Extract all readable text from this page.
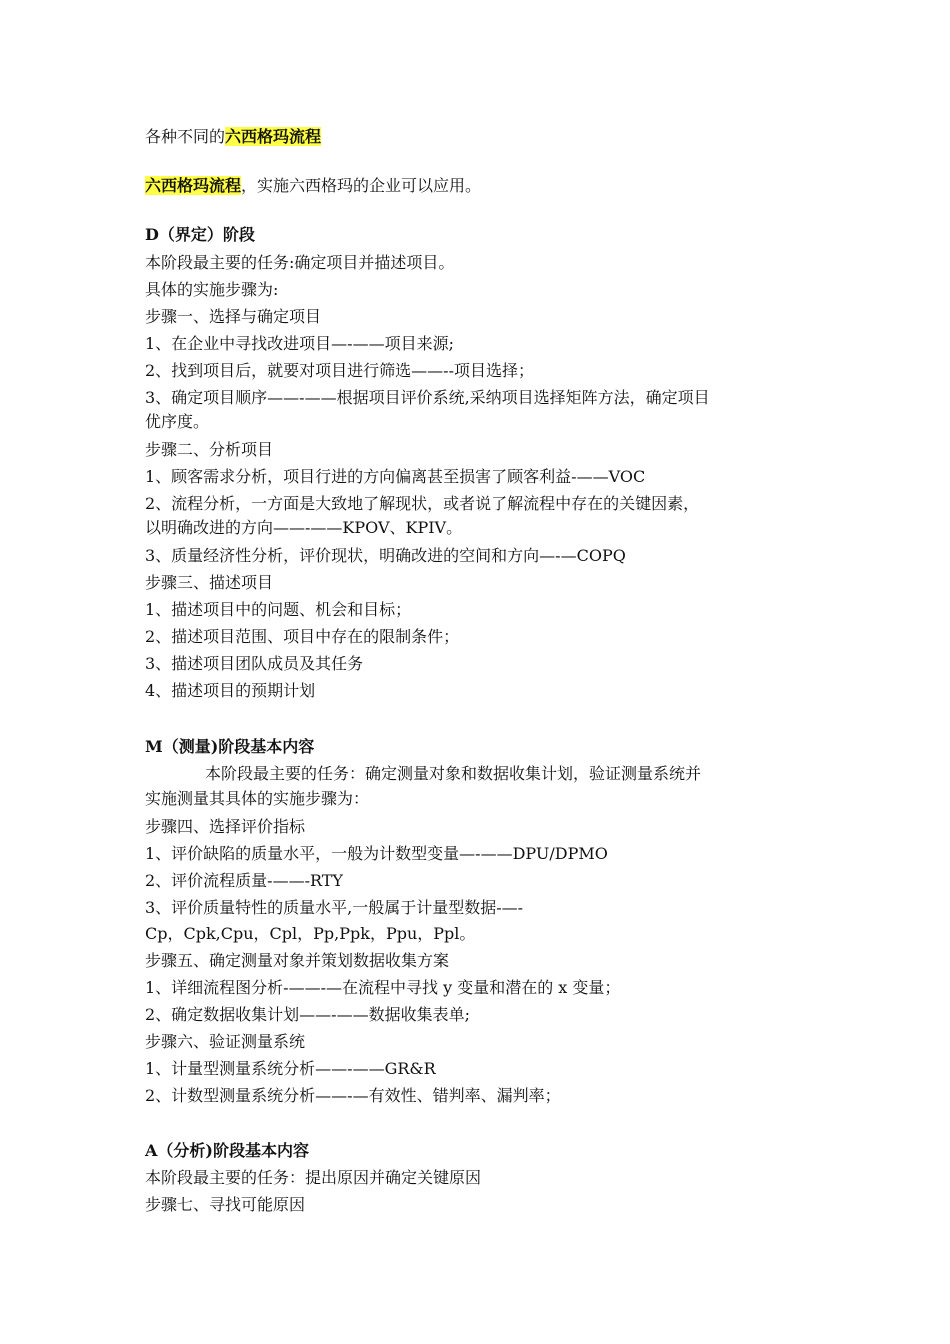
各种不同的六西格玛流程
六西格玛流程，实施六西格玛的企业可以应用。
D（界定）阶段
本阶段最主要的任务:确定项目并描述项目。
具体的实施步骤为:
步骤一、选择与确定项目
1、在企业中寻找改进项目—-——项目来源;
2、找到项目后，就要对项目进行筛选——--项目选择；
3、确定项目顺序——-——根据项目评价系统,采纳项目选择矩阵方法，确定项目
优序度。
步骤二、分析项目
1、顾客需求分析，项目行进的方向偏离甚至损害了顾客利益-——VOC
2、流程分析，一方面是大致地了解现状，或者说了解流程中存在的关键因素，
以明确改进的方向——-——KPOV、KPIV。
3、质量经济性分析，评价现状，明确改进的空间和方向—-—COPQ
步骤三、描述项目
1、描述项目中的问题、机会和目标；
2、描述项目范围、项目中存在的限制条件；
3、描述项目团队成员及其任务
4、描述项目的预期计划
M（测量)阶段基本内容
本阶段最主要的任务：确定测量对象和数据收集计划，验证测量系统并
实施测量其具体的实施步骤为：
步骤四、选择评价指标
1、评价缺陷的质量水平，一般为计数型变量—-——DPU/DPMO
2、评价流程质量-——-RTY
3、评价质量特性的质量水平,一般属于计量型数据-—-
Cp，Cpk,Cpu，Cpl，Pp,Ppk，Ppu，Ppl。
步骤五、确定测量对象并策划数据收集方案
1、详细流程图分析-——-—在流程中寻找 y 变量和潜在的 x 变量；
2、确定数据收集计划——-——数据收集表单;
步骤六、验证测量系统
1、计量型测量系统分析——-——GR&R
2、计数型测量系统分析——-—有效性、错判率、漏判率；
A（分析)阶段基本内容
本阶段最主要的任务：提出原因并确定关键原因
步骤七、寻找可能原因
